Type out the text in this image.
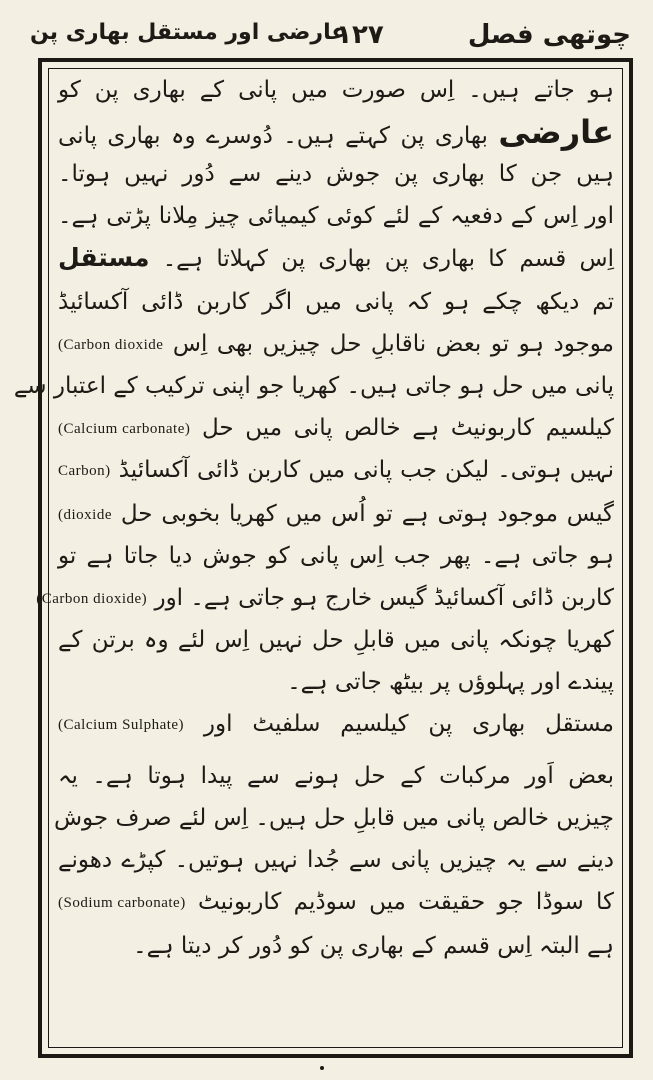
چوتھی فصل
۱۲۷
عارضی اور مستقل بھاری پن
ہو جاتے ہیں۔ اِس صورت میں پانی کے بھاری پن کو
عارضی بھاری پن کہتے ہیں۔ دُوسرے وہ بھاری پانی
ہیں جن کا بھاری پن جوش دینے سے دُور نہیں ہوتا۔
اور اِس کے دفعیہ کے لئے کوئی کیمیائی چیز مِلانا پڑتی ہے۔
اِس قسم کا بھاری پن بھاری پن کہلاتا ہے۔ مستقل
تم دیکھ چکے ہو کہ پانی میں اگر کاربن ڈائی آکسائیڈ
موجود ہو تو بعض ناقابلِ حل چیزیں بھی اِس (Carbon dioxide
پانی میں حل ہو جاتی ہیں۔ کھریا جو اپنی ترکیب کے اعتبار سے
کیلسیم کاربونیٹ ہے خالص پانی میں حل (Calcium carbonate)
نہیں ہوتی۔ لیکن جب پانی میں کاربن ڈائی آکسائیڈ Carbon)
گیس موجود ہوتی ہے تو اُس میں کھریا بخوبی حل (dioxide
ہو جاتی ہے۔ پھر جب اِس پانی کو جوش دیا جاتا ہے تو
کاربن ڈائی آکسائیڈ گیس خارج ہو جاتی ہے۔ اور (Carbon dioxide)
کھریا چونکہ پانی میں قابلِ حل نہیں اِس لئے وہ برتن کے
پیندے اور پہلوؤں پر بیٹھ جاتی ہے۔
مستقل بھاری پن کیلسیم سلفیٹ اور (Calcium Sulphate)
بعض اَور مرکبات کے حل ہونے سے پیدا ہوتا ہے۔ یہ
چیزیں خالص پانی میں قابلِ حل ہیں۔ اِس لئے صرف جوش
دینے سے یہ چیزیں پانی سے جُدا نہیں ہوتیں۔ کپڑے دھونے
کا سوڈا جو حقیقت میں سوڈیم کاربونیٹ (Sodium carbonate)
ہے البتہ اِس قسم کے بھاری پن کو دُور کر دیتا ہے۔
